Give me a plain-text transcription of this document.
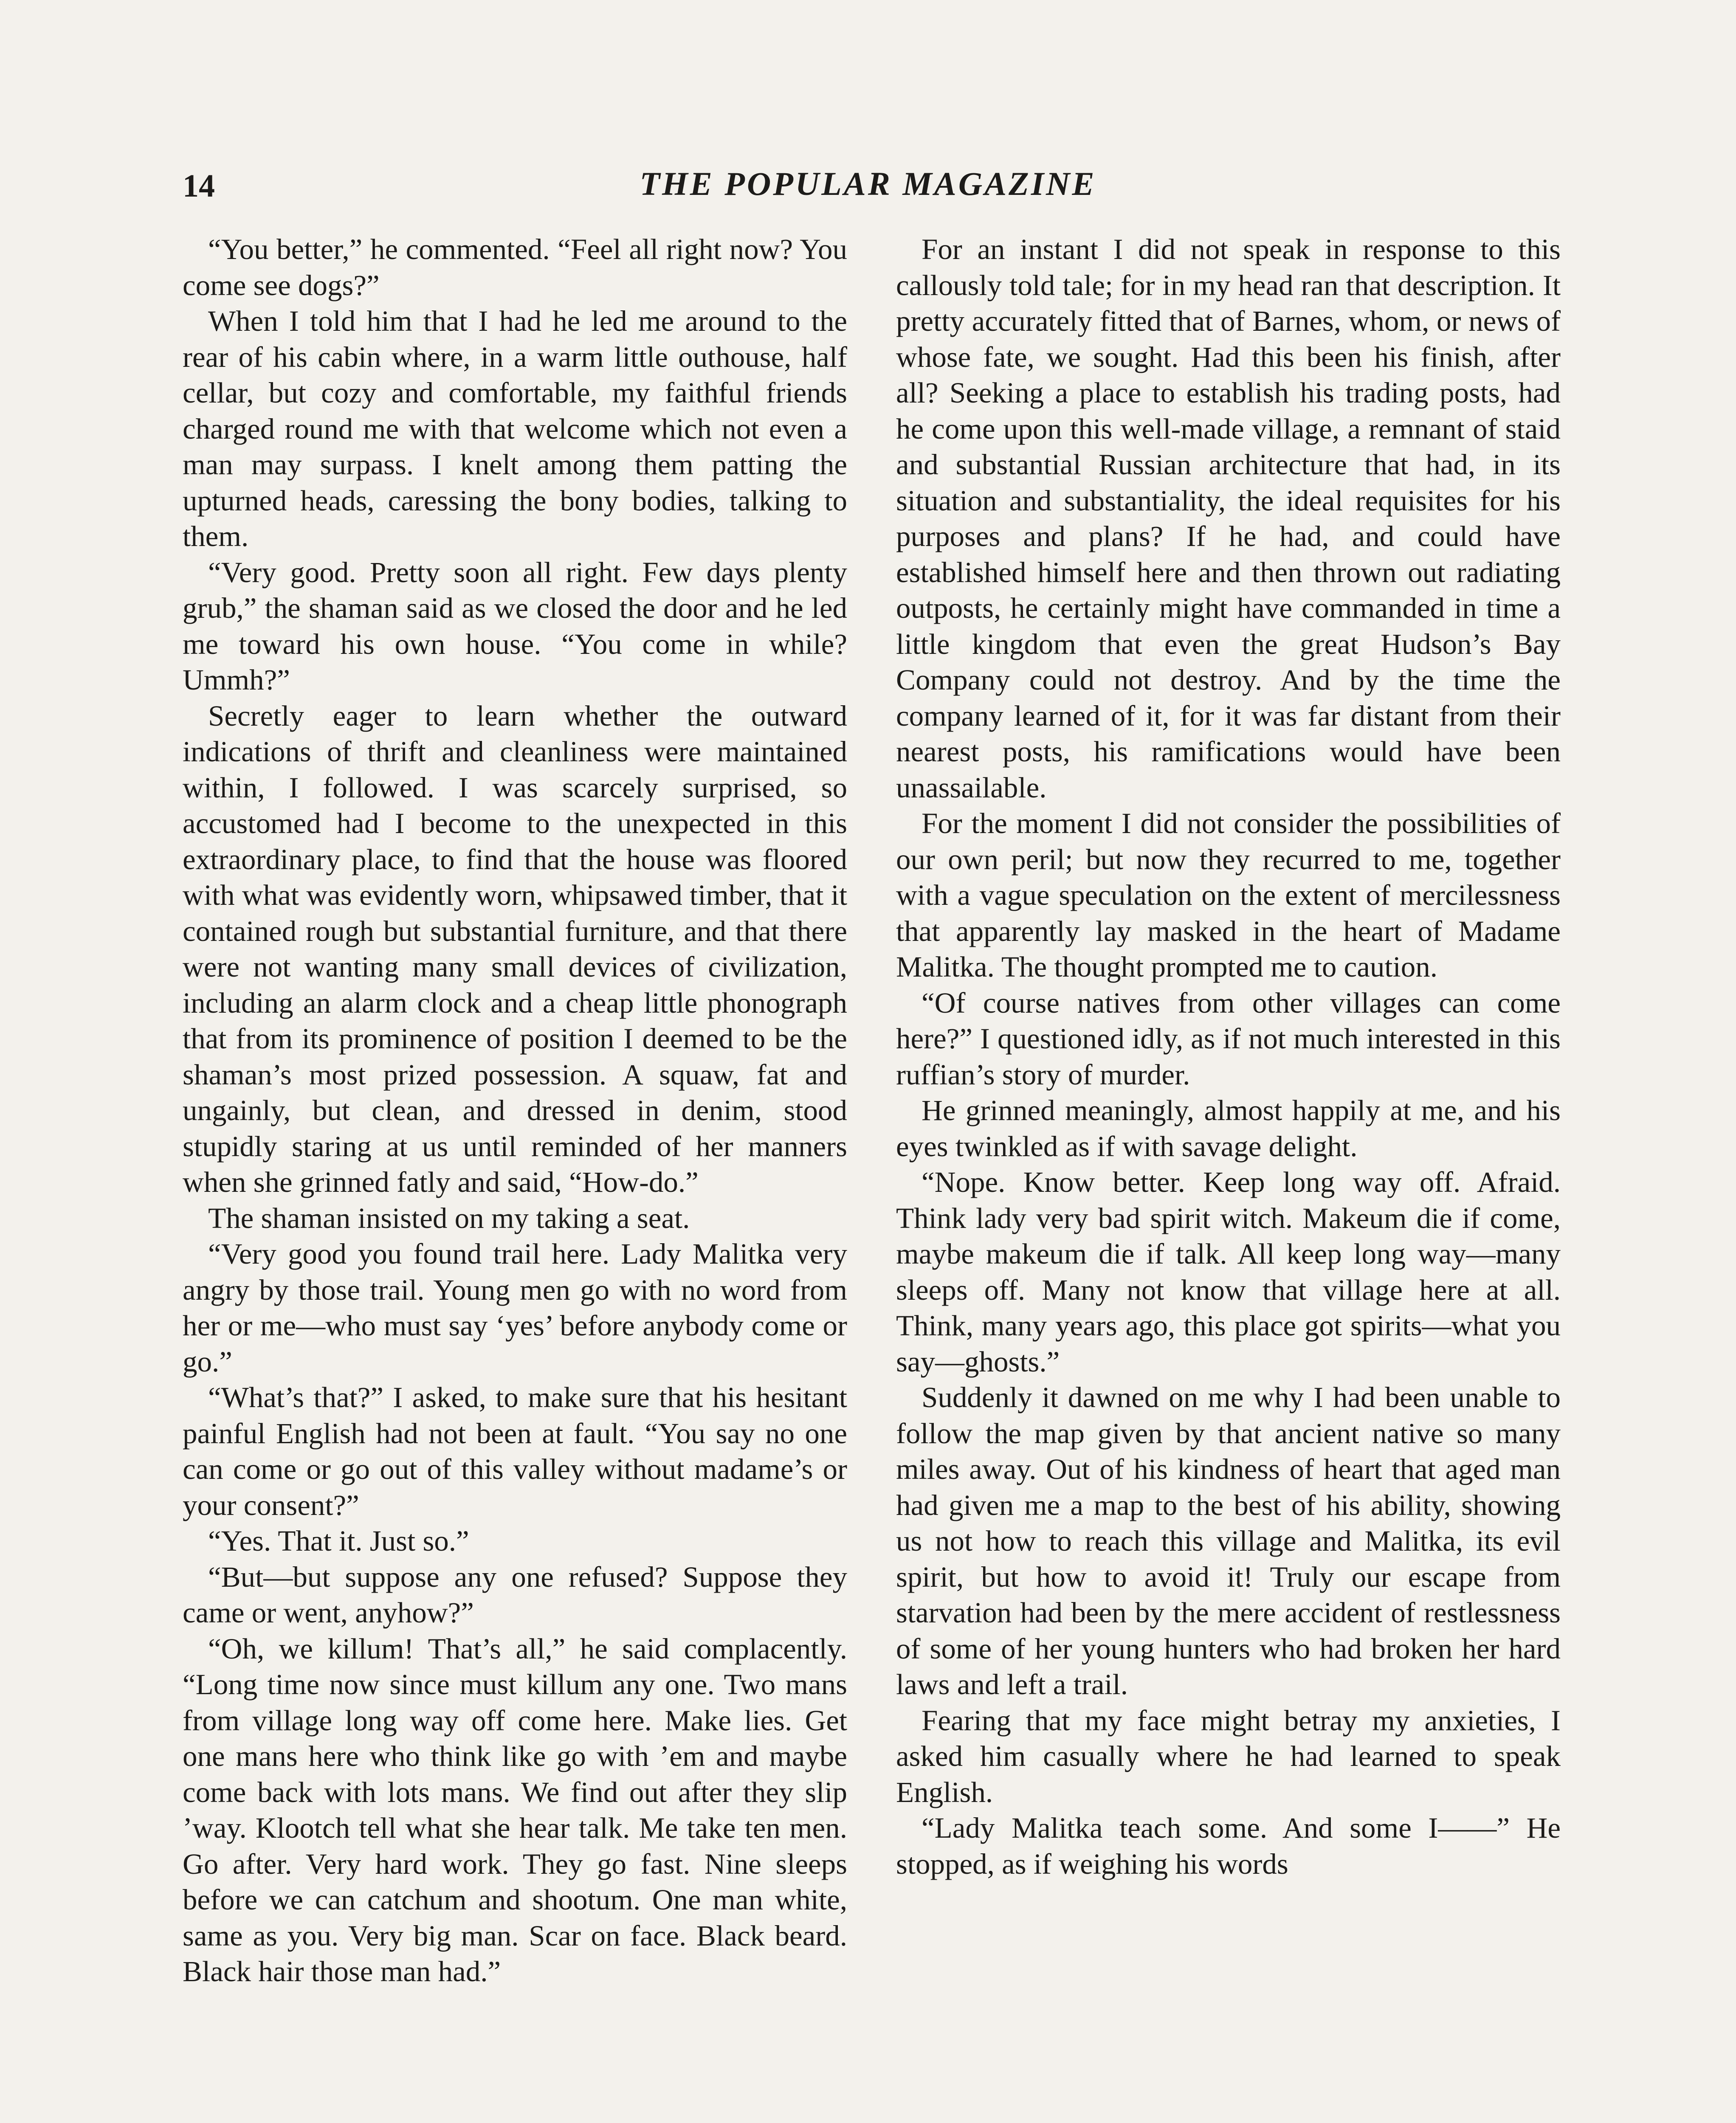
14	THE POPULAR MAGAZINE

“You better,” he commented. “Feel all right now? You come see dogs?”

When I told him that I had he led me around to the rear of his cabin where, in a warm little outhouse, half cellar, but cozy and comfortable, my faithful friends charged round me with that welcome which not even a man may surpass. I knelt among them patting the upturned heads, caressing the bony bodies, talking to them.

“Very good. Pretty soon all right. Few days plenty grub,” the shaman said as we closed the door and he led me toward his own house. “You come in while? Ummh?”

Secretly eager to learn whether the outward indications of thrift and cleanliness were maintained within, I followed. I was scarcely surprised, so accustomed had I become to the unexpected in this extraordinary place, to find that the house was floored with what was evidently worn, whipsawed timber, that it contained rough but substantial furniture, and that there were not wanting many small devices of civilization, including an alarm clock and a cheap little phonograph that from its prominence of position I deemed to be the shaman’s most prized possession. A squaw, fat and ungainly, but clean, and dressed in denim, stood stupidly staring at us until reminded of her manners when she grinned fatly and said, “How-do.”

The shaman insisted on my taking a seat.

“Very good you found trail here. Lady Malitka very angry by those trail. Young men go with no word from her or me—who must say ‘yes’ before anybody come or go.”

“What’s that?” I asked, to make sure that his hesitant painful English had not been at fault. “You say no one can come or go out of this valley without madame’s or your consent?”

“Yes. That it. Just so.”

“But—but suppose any one refused? Suppose they came or went, anyhow?”

“Oh, we killum! That’s all,” he said complacently. “Long time now since must killum any one. Two mans from village long way off come here. Make lies. Get one mans here who think like go with ’em and maybe come back with lots mans. We find out after they slip ’way. Klootch tell what she hear talk. Me take ten men. Go after. Very hard work. They go fast. Nine sleeps before we can catchum and shootum. One man white, same as you. Very big man. Scar on face. Black beard. Black hair those man had.”

For an instant I did not speak in response to this callously told tale; for in my head ran that description. It pretty accurately fitted that of Barnes, whom, or news of whose fate, we sought. Had this been his finish, after all? Seeking a place to establish his trading posts, had he come upon this well-made village, a remnant of staid and substantial Russian architecture that had, in its situation and substantiality, the ideal requisites for his purposes and plans? If he had, and could have established himself here and then thrown out radiating outposts, he certainly might have commanded in time a little kingdom that even the great Hudson’s Bay Company could not destroy. And by the time the company learned of it, for it was far distant from their nearest posts, his ramifications would have been unassailable.

For the moment I did not consider the possibilities of our own peril; but now they recurred to me, together with a vague speculation on the extent of mercilessness that apparently lay masked in the heart of Madame Malitka. The thought prompted me to caution.

“Of course natives from other villages can come here?” I questioned idly, as if not much interested in this ruffian’s story of murder.

He grinned meaningly, almost happily at me, and his eyes twinkled as if with savage delight.

“Nope. Know better. Keep long way off. Afraid. Think lady very bad spirit witch. Makeum die if come, maybe makeum die if talk. All keep long way—many sleeps off. Many not know that village here at all. Think, many years ago, this place got spirits—what you say—ghosts.”

Suddenly it dawned on me why I had been unable to follow the map given by that ancient native so many miles away. Out of his kindness of heart that aged man had given me a map to the best of his ability, showing us not how to reach this village and Malitka, its evil spirit, but how to avoid it! Truly our escape from starvation had been by the mere accident of restlessness of some of her young hunters who had broken her hard laws and left a trail.

Fearing that my face might betray my anxieties, I asked him casually where he had learned to speak English.

“Lady Malitka teach some. And some I——” He stopped, as if weighing his words
